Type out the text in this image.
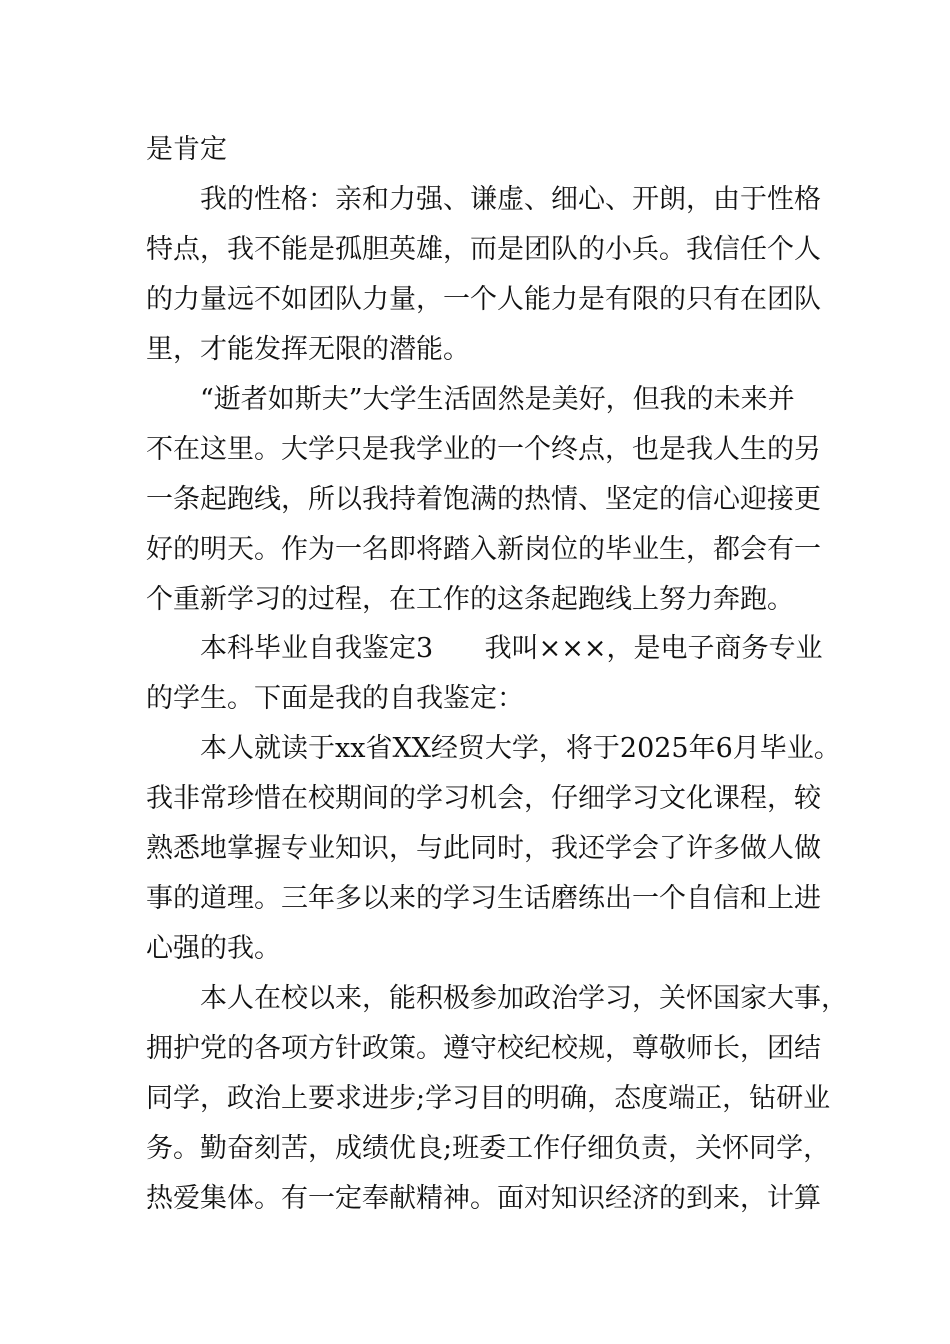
是肯定
我的性格：亲和力强、谦虚、细心、开朗，由于性格
特点，我不能是孤胆英雄，而是团队的小兵。我信任个人
的力量远不如团队力量，一个人能力是有限的只有在团队
里，才能发挥无限的潜能。
“逝者如斯夫”大学生活固然是美好，但我的未来并
不在这里。大学只是我学业的一个终点，也是我人生的另
一条起跑线，所以我持着饱满的热情、坚定的信心迎接更
好的明天。作为一名即将踏入新岗位的毕业生，都会有一
个重新学习的过程，在工作的这条起跑线上努力奔跑。
本科毕业自我鉴定3      我叫×××，是电子商务专业
的学生。下面是我的自我鉴定：
本人就读于xx省XX经贸大学，将于2025年6月毕业。
我非常珍惜在校期间的学习机会，仔细学习文化课程，较
熟悉地掌握专业知识，与此同时，我还学会了许多做人做
事的道理。三年多以来的学习生话磨练出一个自信和上进
心强的我。
本人在校以来，能积极参加政治学习，关怀国家大事，
拥护党的各项方针政策。遵守校纪校规，尊敬师长，团结
同学，政治上要求进步;学习目的明确，态度端正，钻研业
务。勤奋刻苦，成绩优良;班委工作仔细负责，关怀同学，
热爱集体。有一定奉献精神。面对知识经济的到来，计算
